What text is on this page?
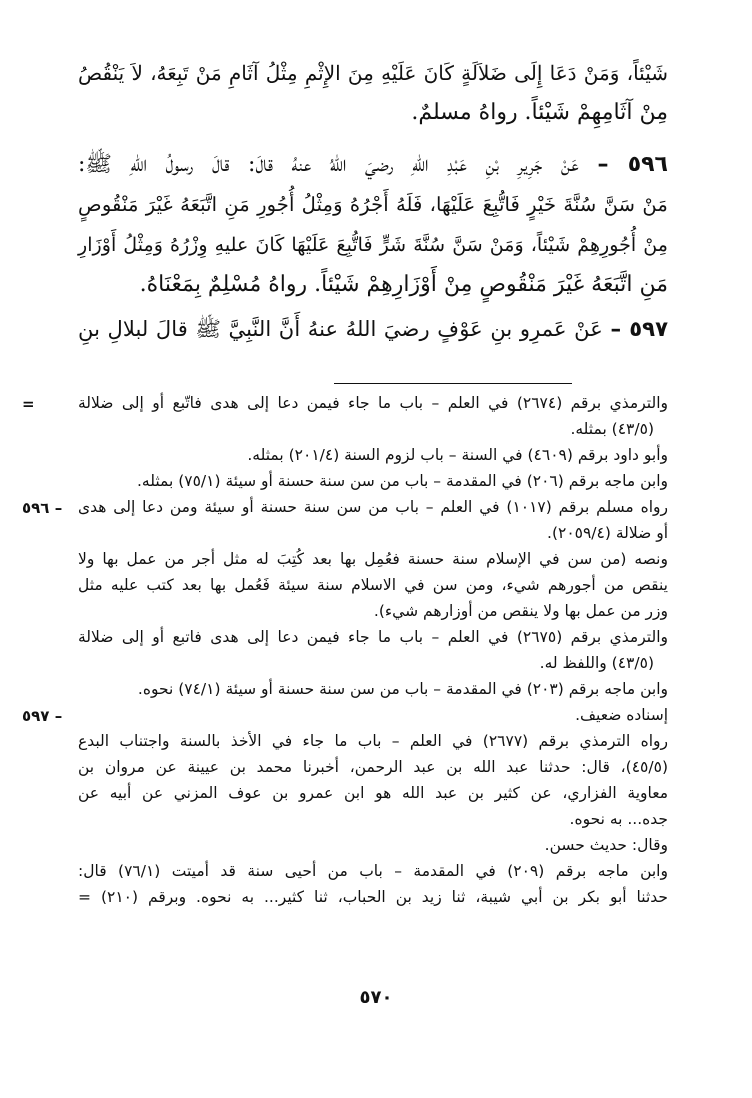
شَيْئاً، وَمَنْ دَعَا إِلَى ضَلاَلَةٍ كَانَ عَلَيْهِ مِنَ الإِثْمِ مِثْلُ آثَامِ مَنْ تَبِعَهُ، لاَ يَنْقُصُ

مِنْ آثَامِهِمْ شَيْئاً. رواهُ مسلمٌ.

٥٩٦ – عَنْ جَرِيرِ بْنِ عَبْدِ اللهِ رضيَ اللهُ عنهُ قالَ: قالَ رسولُ اللهِ ﷺ:

مَنْ سَنَّ سُنَّةَ خَيْرٍ فَاتُّبِعَ عَلَيْهَا، فَلَهُ أَجْرُهُ وَمِثْلُ أُجُورِ مَنِ اتَّبَعَهُ غَيْرَ مَنْقُوصٍ

مِنْ أُجُورِهِمْ شَيْئاً، وَمَنْ سَنَّ سُنَّةَ شَرٍّ فَاتُّبِعَ عَلَيْهَا كَانَ عليهِ وِزْرُهُ وَمِثْلُ أَوْزَارِ

مَنِ اتَّبَعَهُ غَيْرَ مَنْقُوصٍ مِنْ أَوْزَارِهِمْ شَيْئاً. رواهُ مُسْلِمٌ بِمَعْنَاهُ.

٥٩٧ – عَنْ عَمرِو بنِ عَوْفٍ رضيَ اللهُ عنهُ أَنَّ النَّبِيَّ ﷺ قالَ لبلالِ بنِ

=	والترمذي برقم (٢٦٧٤) في العلم – باب ما جاء فيمن دعا إلى هدى فاتّبع أو إلى ضلالة

(٤٣/٥) بمثله.

وأبو داود برقم (٤٦٠٩) في السنة – باب لزوم السنة (٢٠١/٤) بمثله.

وابن ماجه برقم (٢٠٦) في المقدمة – باب من سن سنة حسنة أو سيئة (٧٥/١) بمثله.

٥٩٦ –	رواه مسلم برقم (١٠١٧) في العلم – باب من سن سنة حسنة أو سيئة ومن دعا إلى هدى

أو ضلالة (٢٠٥٩/٤).

ونصه (من سن في الإسلام سنة حسنة فعُمِل بها بعد كُتِبَ له مثل أجر من عمل بها ولا

ينقص من أجورهم شيء، ومن سن في الاسلام سنة سيئة فَعُمل بها بعد كتب عليه مثل

وزر من عمل بها ولا ينقص من أوزارهم شيء).

والترمذي برقم (٢٦٧٥) في العلم – باب ما جاء فيمن دعا إلى هدى فاتبع أو إلى ضلالة

(٤٣/٥) واللفظ له.

وابن ماجه برقم (٢٠٣) في المقدمة – باب من سن سنة حسنة أو سيئة (٧٤/١) نحوه.

٥٩٧ –	إسناده ضعيف.

رواه الترمذي برقم (٢٦٧٧) في العلم – باب ما جاء في الأخذ بالسنة واجتناب البدع

(٤٥/٥)، قال: حدثنا عبد الله بن عبد الرحمن، أخبرنا محمد بن عيينة عن مروان بن

معاوية الفزاري، عن كثير بن عبد الله هو ابن عمرو بن عوف المزني عن أبيه عن

جده... به نحوه.

وقال: حديث حسن.

وابن ماجه برقم (٢٠٩) في المقدمة – باب من أحيى سنة قد أميتت (٧٦/١) قال:

حدثنا أبو بكر بن أبي شيبة، ثنا زيد بن الحباب، ثنا كثير... به نحوه. وبرقم (٢١٠) =

٥٧٠
